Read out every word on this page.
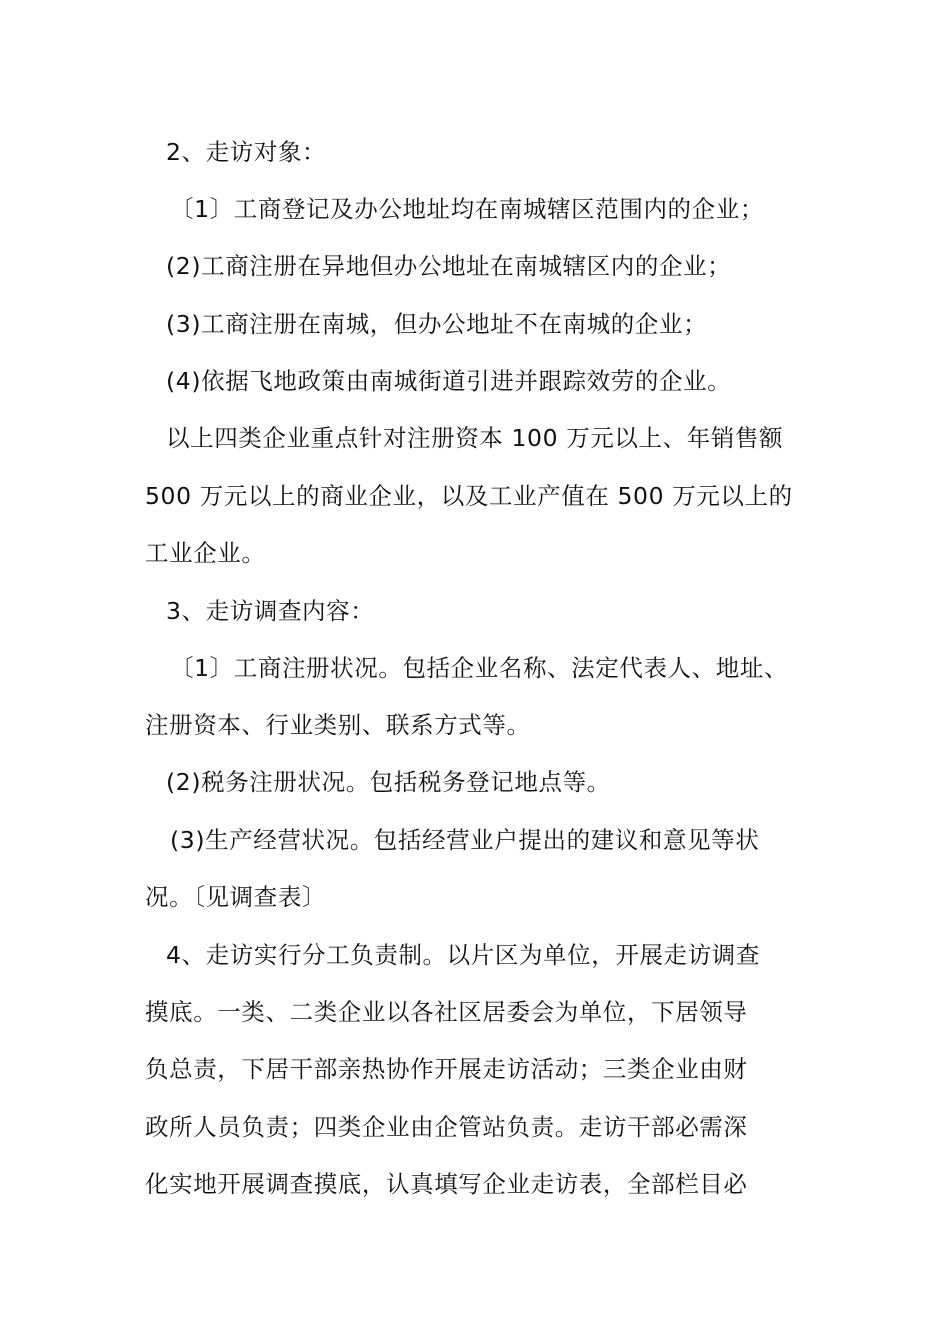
2、走访对象：
〔1〕工商登记及办公地址均在南城辖区范围内的企业；
(2)工商注册在异地但办公地址在南城辖区内的企业；
(3)工商注册在南城，但办公地址不在南城的企业；
(4)依据飞地政策由南城街道引进并跟踪效劳的企业。
以上四类企业重点针对注册资本 100 万元以上、年销售额
500 万元以上的商业企业，以及工业产值在 500 万元以上的
工业企业。
3、走访调查内容：
〔1〕工商注册状况。包括企业名称、法定代表人、地址、
注册资本、行业类别、联系方式等。
(2)税务注册状况。包括税务登记地点等。
(3)生产经营状况。包括经营业户提出的建议和意见等状
况。〔见调查表〕
4、走访实行分工负责制。以片区为单位，开展走访调查
摸底。一类、二类企业以各社区居委会为单位，下居领导
负总责，下居干部亲热协作开展走访活动；三类企业由财
政所人员负责；四类企业由企管站负责。走访干部必需深
化实地开展调查摸底，认真填写企业走访表，全部栏目必
